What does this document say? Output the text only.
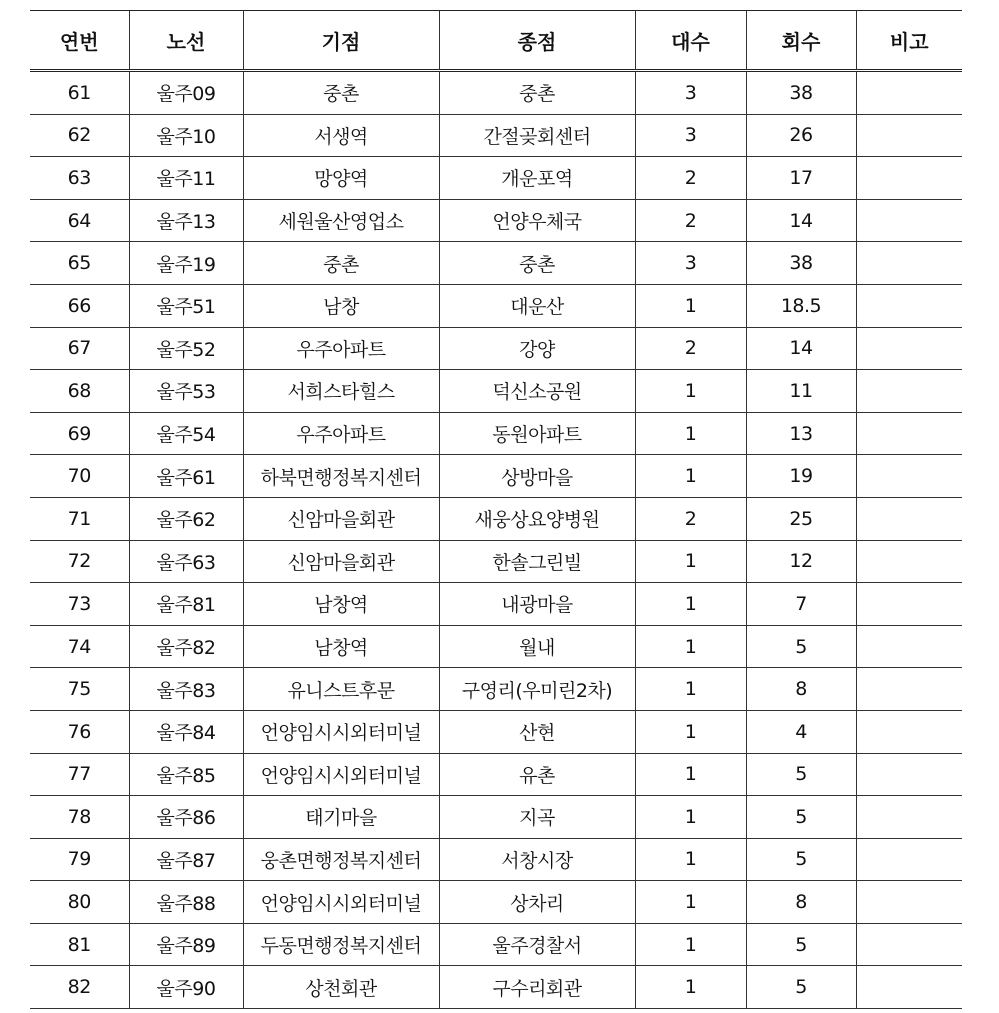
연번	노선	기점	종점	대수	회수	비고
61	울주09	중촌	중촌	3	38	
62	울주10	서생역	간절곶회센터	3	26	
63	울주11	망양역	개운포역	2	17	
64	울주13	세원울산영업소	언양우체국	2	14	
65	울주19	중촌	중촌	3	38	
66	울주51	남창	대운산	1	18.5	
67	울주52	우주아파트	강양	2	14	
68	울주53	서희스타힐스	덕신소공원	1	11	
69	울주54	우주아파트	동원아파트	1	13	
70	울주61	하북면행정복지센터	상방마을	1	19	
71	울주62	신암마을회관	새웅상요양병원	2	25	
72	울주63	신암마을회관	한솔그린빌	1	12	
73	울주81	남창역	내광마을	1	7	
74	울주82	남창역	월내	1	5	
75	울주83	유니스트후문	구영리(우미린2차)	1	8	
76	울주84	언양임시시외터미널	산현	1	4	
77	울주85	언양임시시외터미널	유촌	1	5	
78	울주86	태기마을	지곡	1	5	
79	울주87	웅촌면행정복지센터	서창시장	1	5	
80	울주88	언양임시시외터미널	상차리	1	8	
81	울주89	두동면행정복지센터	울주경찰서	1	5	
82	울주90	상천회관	구수리회관	1	5	
